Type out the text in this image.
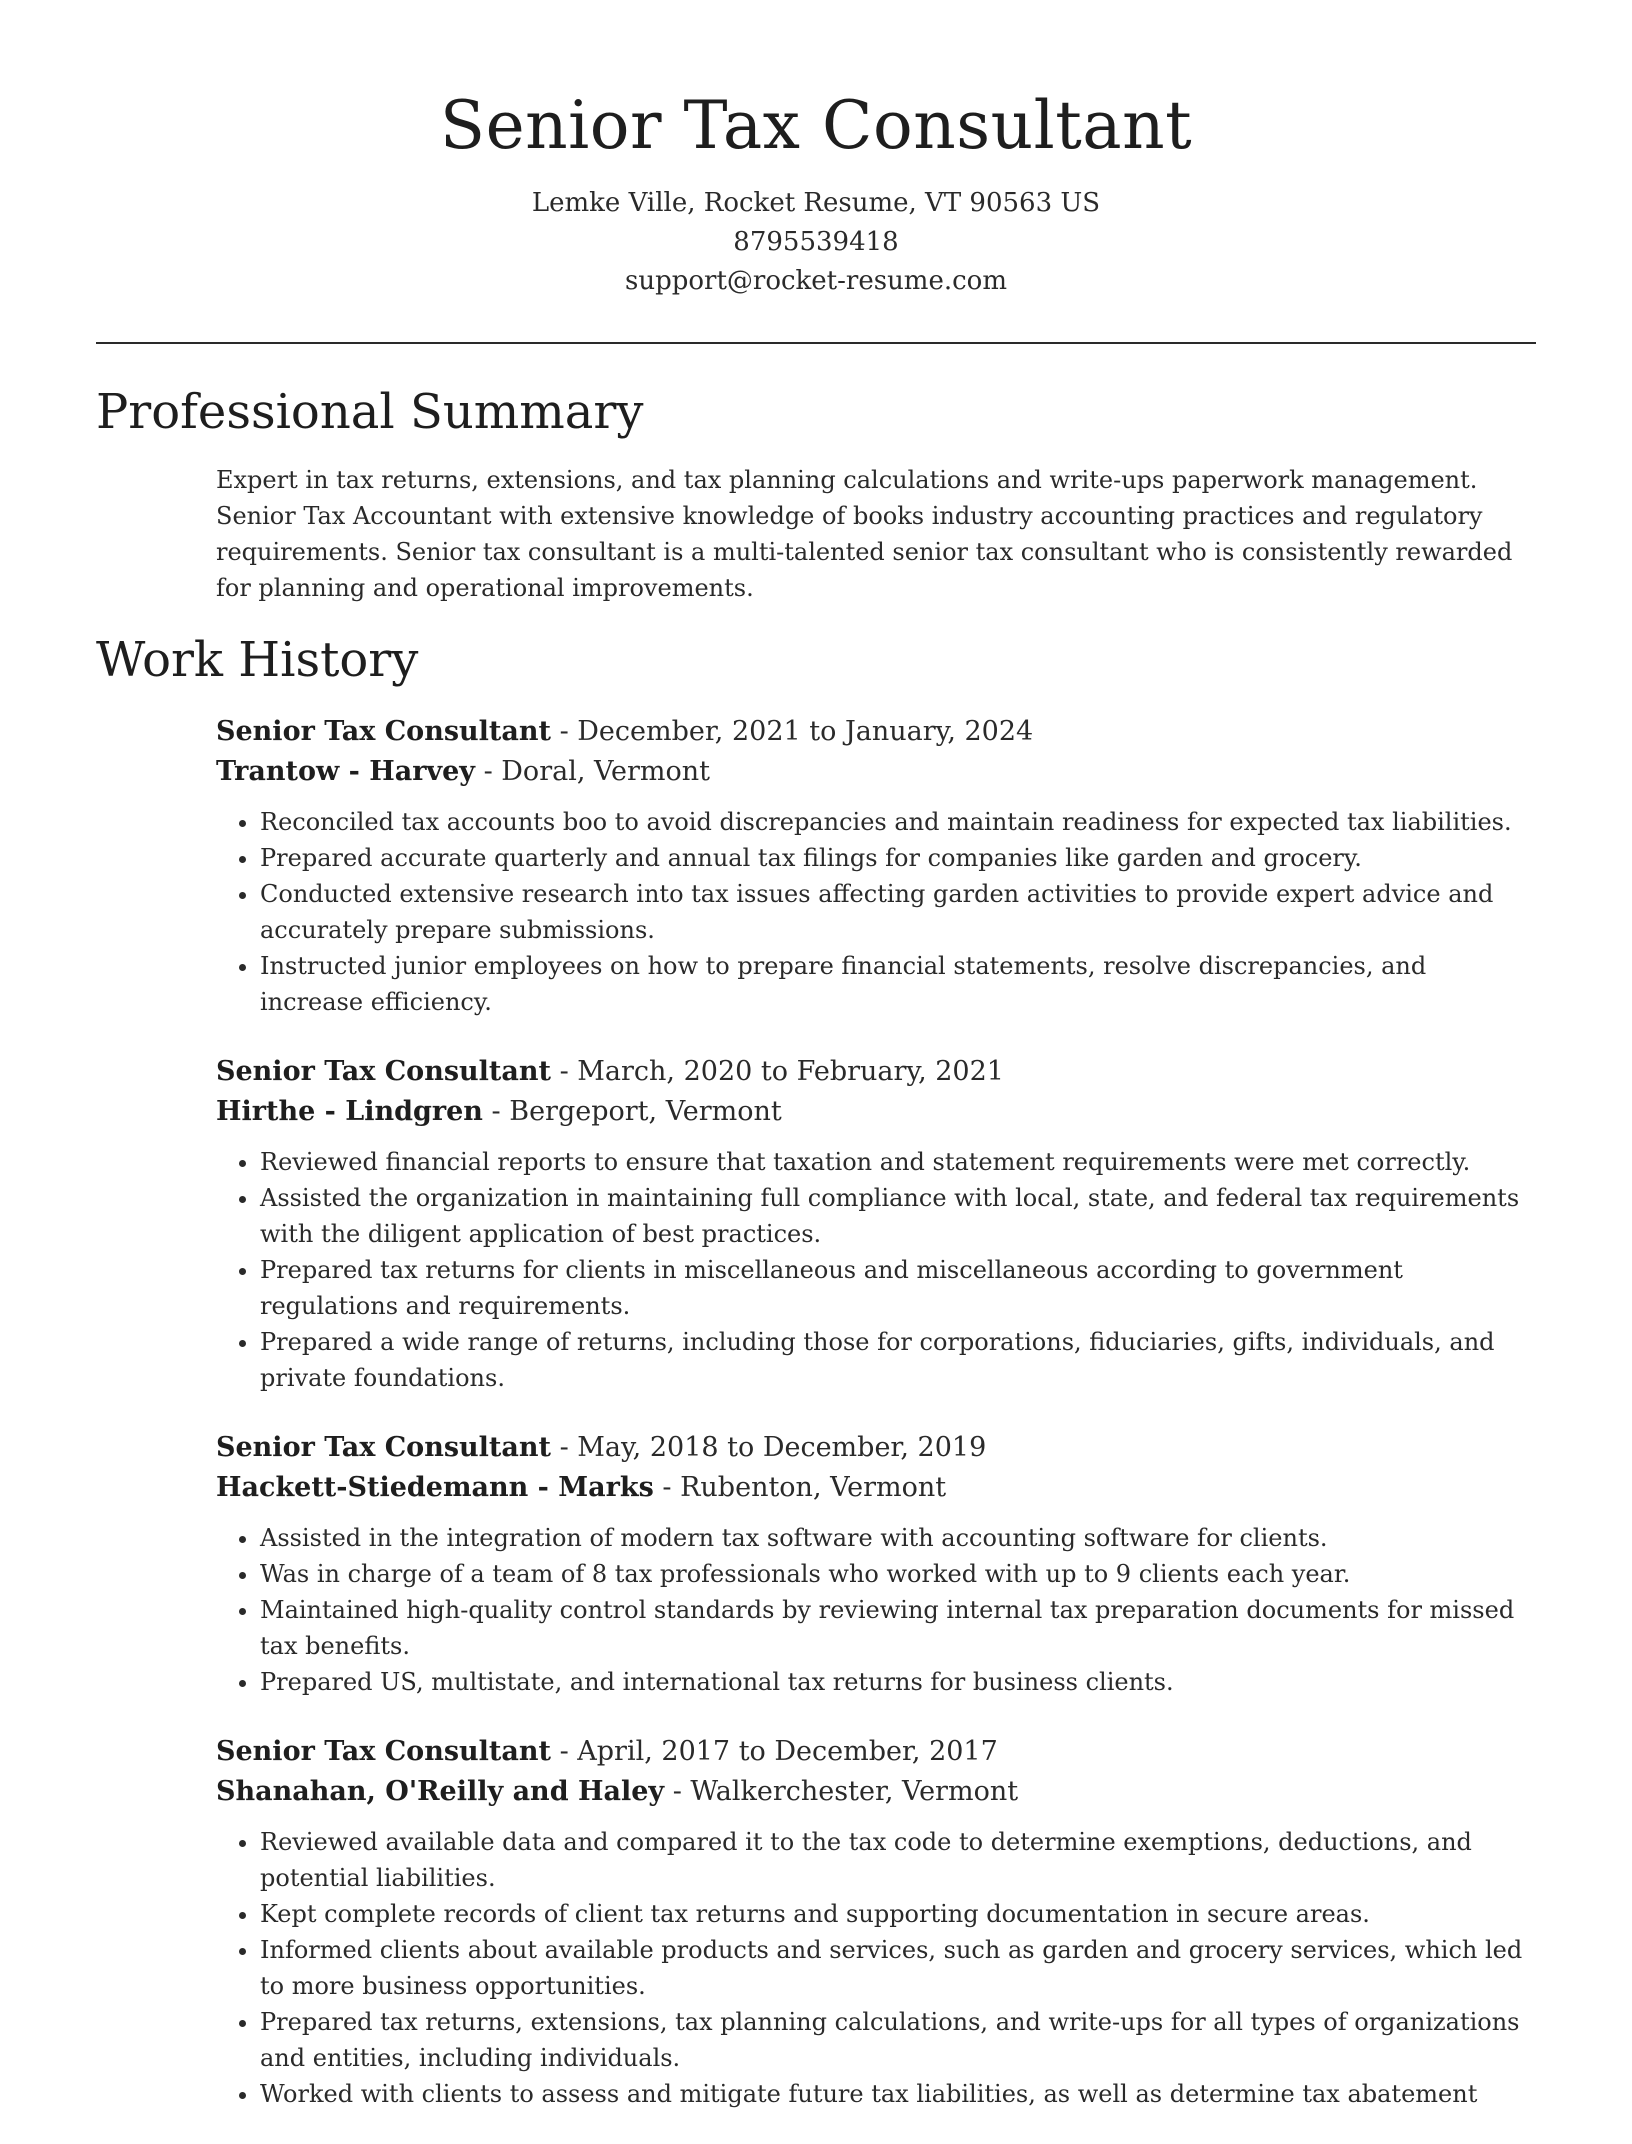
Senior Tax Consultant
Lemke Ville, Rocket Resume, VT 90563 US
8795539418
support@rocket-resume.com
Professional Summary

Expert in tax returns, extensions, and tax planning calculations and write-ups paperwork management. Senior Tax Accountant with extensive knowledge of books industry accounting practices and regulatory requirements. Senior tax consultant is a multi-talented senior tax consultant who is consistently rewarded for planning and operational improvements.

Work History
Senior Tax Consultant - December, 2021 to January, 2024
Trantow - Harvey - Doral, Vermont
• Reconciled tax accounts boo to avoid discrepancies and maintain readiness for expected tax liabilities.
• Prepared accurate quarterly and annual tax filings for companies like garden and grocery.
• Conducted extensive research into tax issues affecting garden activities to provide expert advice and accurately prepare submissions.
• Instructed junior employees on how to prepare financial statements, resolve discrepancies, and increase efficiency.
Senior Tax Consultant - March, 2020 to February, 2021
Hirthe - Lindgren - Bergeport, Vermont
• Reviewed financial reports to ensure that taxation and statement requirements were met correctly.
• Assisted the organization in maintaining full compliance with local, state, and federal tax requirements with the diligent application of best practices.
• Prepared tax returns for clients in miscellaneous and miscellaneous according to government regulations and requirements.
• Prepared a wide range of returns, including those for corporations, fiduciaries, gifts, individuals, and private foundations.
Senior Tax Consultant - May, 2018 to December, 2019
Hackett-Stiedemann - Marks - Rubenton, Vermont
• Assisted in the integration of modern tax software with accounting software for clients.
• Was in charge of a team of 8 tax professionals who worked with up to 9 clients each year.
• Maintained high-quality control standards by reviewing internal tax preparation documents for missed tax benefits.
• Prepared US, multistate, and international tax returns for business clients.
Senior Tax Consultant - April, 2017 to December, 2017
Shanahan, O'Reilly and Haley - Walkerchester, Vermont
• Reviewed available data and compared it to the tax code to determine exemptions, deductions, and potential liabilities.
• Kept complete records of client tax returns and supporting documentation in secure areas.
• Informed clients about available products and services, such as garden and grocery services, which led to more business opportunities.
• Prepared tax returns, extensions, tax planning calculations, and write-ups for all types of organizations and entities, including individuals.
• Worked with clients to assess and mitigate future tax liabilities, as well as determine tax abatement
